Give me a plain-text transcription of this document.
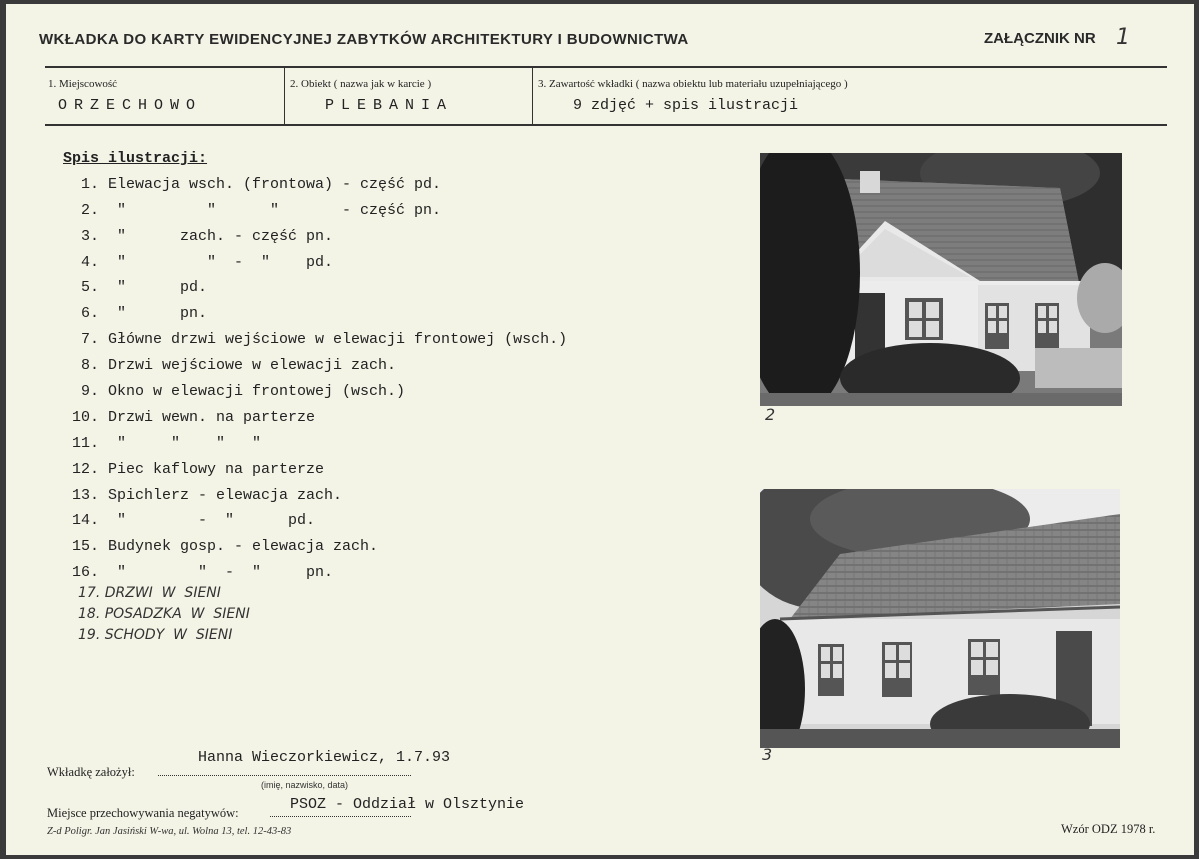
WKŁADKA DO KARTY EWIDENCYJNEJ ZABYTKÓW ARCHITEKTURY I BUDOWNICTWA	ZAŁĄCZNIK NR 1
1. Miejscowość
ORZECHOWO
2. Obiekt ( nazwa jak w karcie )
PLEBANIA
3. Zawartość wkładki ( nazwa obiektu lub materiału uzupełniającego )
9 zdjęć + spis ilustracji
Spis ilustracji:
1. Elewacja wsch. (frontowa) - część pd.
2.  "         "      "       - część pn.
3.  "      zach. - część pn.
4.  "         "  -  "    pd.
5.  "      pd.
6.  "      pn.
7. Główne drzwi wejściowe w elewacji frontowej (wsch.)
8. Drzwi wejściowe w elewacji zach.
9. Okno w elewacji frontowej (wsch.)
10. Drzwi wewn. na parterze
11.  "     "    "   "
12. Piec kaflowy na parterze
13. Spichlerz - elewacja zach.
14.  "        -  "      pd.
15. Budynek gosp. - elewacja zach.
16.  "        "  -  "     pn.
17. DRZWI  W  SIENI
18. POSADZKA  W  SIENI
19. SCHODY  W  SIENI
2
3
Hanna Wieczorkiewicz, 1.7.93
Wkładkę założył:
(imię, nazwisko, data)
PSOZ - Oddział w Olsztynie
Miejsce przechowywania negatywów:
Z-d Poligr. Jan Jasiński W-wa, ul. Wolna 13, tel. 12-43-83	Wzór ODZ 1978 r.
